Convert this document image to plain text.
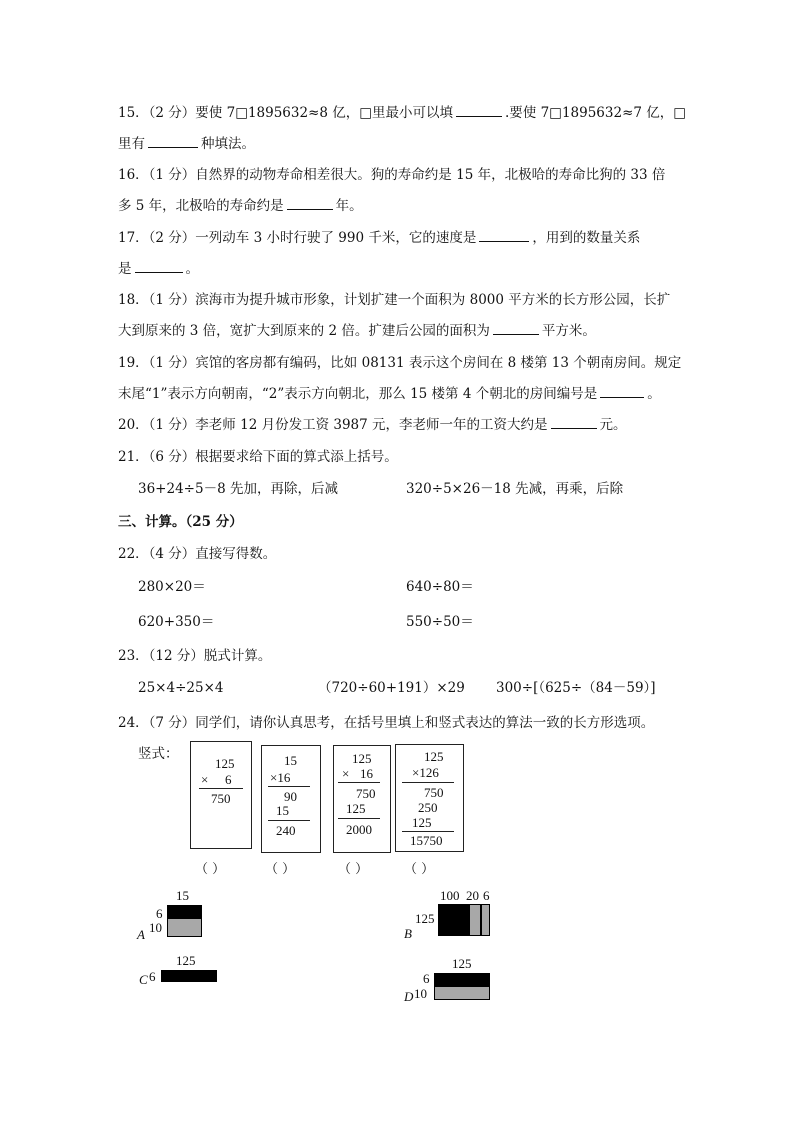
15．（2 分）要使 7□1895632≈8 亿，□里最小可以填	.要使 7□1895632≈7 亿，□
里有	种填法。
16．（1 分）自然界的动物寿命相差很大。狗的寿命约是 15 年，北极哈的寿命比狗的 33 倍
多 5 年，北极哈的寿命约是	年。
17．（2 分）一列动车 3 小时行驶了 990 千米，它的速度是	，用到的数量关系
是	。
18．（1 分）滨海市为提升城市形象，计划扩建一个面积为 8000 平方米的长方形公园，长扩
大到原来的 3 倍，宽扩大到原来的 2 倍。扩建后公园的面积为	平方米。
19．（1 分）宾馆的客房都有编码，比如 08131 表示这个房间在 8 楼第 13 个朝南房间。规定
末尾“1”表示方向朝南，“2”表示方向朝北，那么 15 楼第 4 个朝北的房间编号是	。
20．（1 分）李老师 12 月份发工资 3987 元，李老师一年的工资大约是	元。
21．（6 分）根据要求给下面的算式添上括号。
36+24÷5－8 先加，再除，后减	320÷5×26－18 先减，再乘，后除
三、计算。（25 分）
22．（4 分）直接写得数。
280×20＝	640÷80＝
620+350＝	550÷50＝
23．（12 分）脱式计算。
25×4÷25×4	（720÷60+191）×29 300÷[（625÷（84－59）]
24．（7 分）同学们，请你认真思考，在括号里填上和竖式表达的算法一致的长方形选项。
竖式：
125
× 6
750
15
×16
90
15
240
125
× 16
750
125
2000
125
×126
750
250
125
15750
（ ）	（ ）	（ ）	（ ）
15
6
10
A
100 20 6
125
B
125
C 6
125
6
10
D
